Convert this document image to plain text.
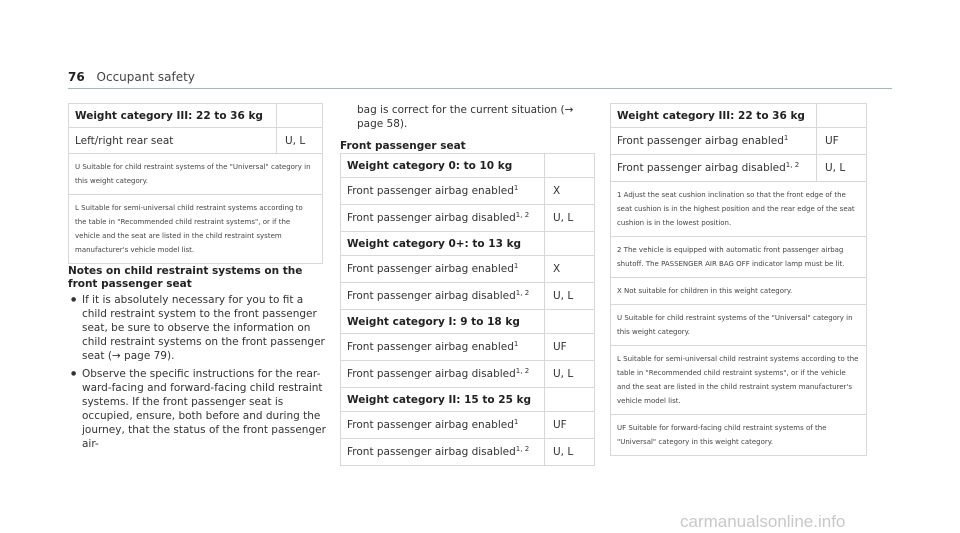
76 Occupant safety
Weight category III: 22 to 36 kg	
Left/right rear seat	U, L
U Suitable for child restraint systems of the "Universal" category in this weight category.	
L Suitable for semi-universal child restraint systems according to the table in "Recommended child restraint systems", or if the vehicle and the seat are listed in the child restraint system manufacturer's vehicle model list.	
Notes on child restraint systems on the front passenger seat
● If it is absolutely necessary for you to fit a child restraint system to the front passenger seat, be sure to observe the information on child restraint systems on the front passenger seat (→ page 79).
● Observe the specific instructions for the rear-ward-facing and forward-facing child restraint systems. If the front passenger seat is occupied, ensure, both before and during the journey, that the status of the front passenger air-
bag is correct for the current situation (→ page 58).
Front passenger seat
Weight category 0: to 10 kg	
Front passenger airbag enabled$^1$	X
Front passenger airbag disabled$^{1, 2}$	U, L
Weight category 0+: to 13 kg	
Front passenger airbag enabled$^1$	X
Front passenger airbag disabled$^{1, 2}$	U, L
Weight category I: 9 to 18 kg	
Front passenger airbag enabled$^1$	UF
Front passenger airbag disabled$^{1, 2}$	U, L
Weight category II: 15 to 25 kg	
Front passenger airbag enabled$^1$	UF
Front passenger airbag disabled$^{1, 2}$	U, L
Weight category III: 22 to 36 kg	
Front passenger airbag enabled$^1$	UF
Front passenger airbag disabled$^{1, 2}$	U, L
1 Adjust the seat cushion inclination so that the front edge of the seat cushion is in the highest position and the rear edge of the seat cushion is in the lowest position.	
2 The vehicle is equipped with automatic front passenger airbag shutoff. The PASSENGER AIR BAG OFF indicator lamp must be lit.	
X Not suitable for children in this weight category.	
U Suitable for child restraint systems of the "Universal" category in this weight category.	
L Suitable for semi-universal child restraint systems according to the table in "Recommended child restraint systems", or if the vehicle and the seat are listed in the child restraint system manufacturer's vehicle model list.	
UF Suitable for forward-facing child restraint systems of the "Universal" category in this weight category.	
carmanualsonline.info
